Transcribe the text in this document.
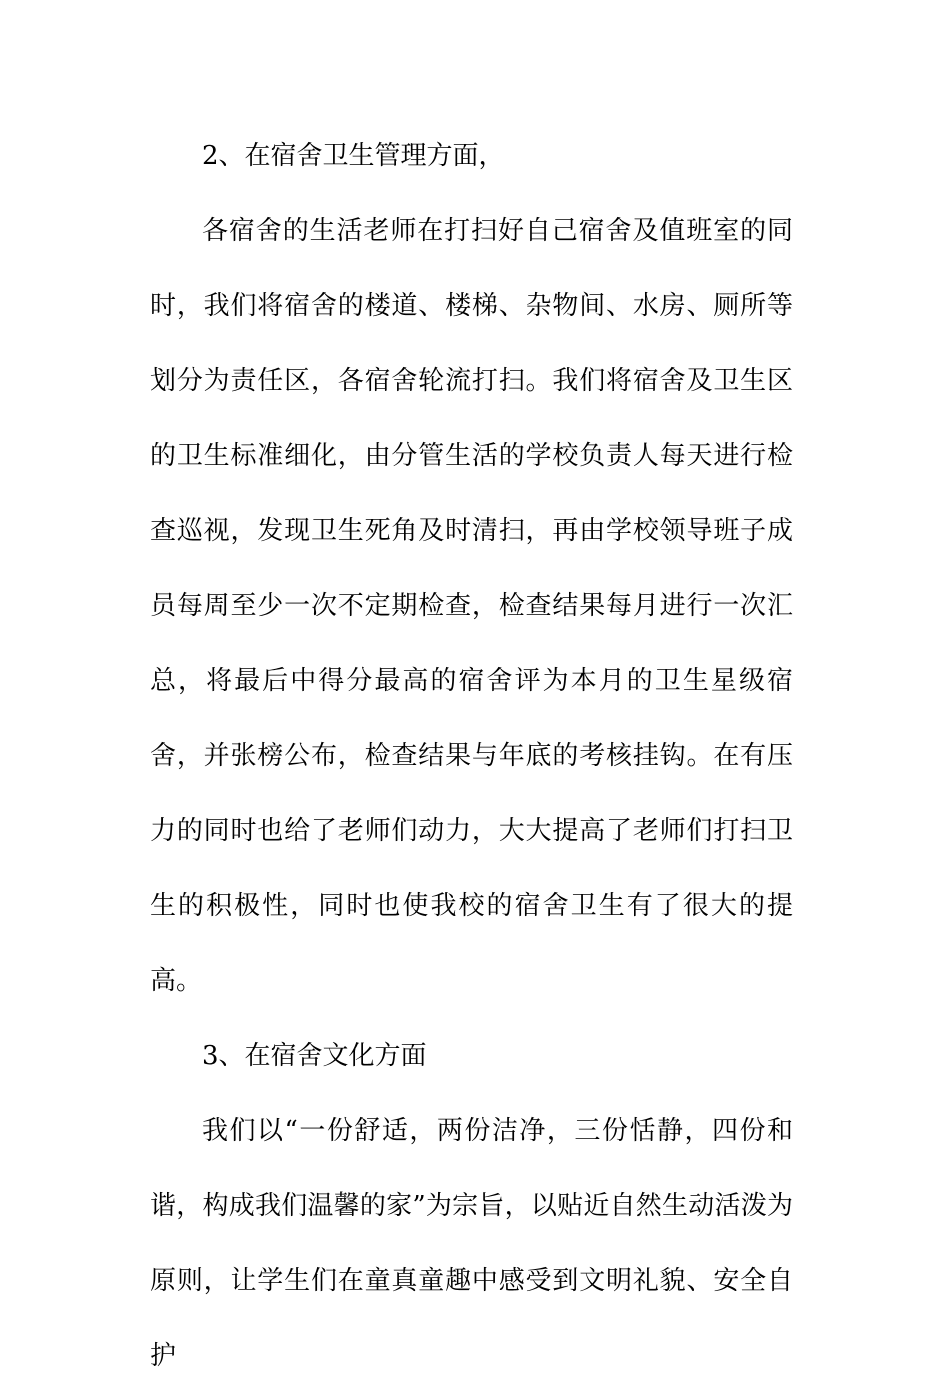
2、在宿舍卫生管理方面，

各宿舍的生活老师在打扫好自己宿舍及值班室的同时，我们将宿舍的楼道、楼梯、杂物间、水房、厕所等划分为责任区，各宿舍轮流打扫。我们将宿舍及卫生区的卫生标准细化，由分管生活的学校负责人每天进行检查巡视，发现卫生死角及时清扫，再由学校领导班子成员每周至少一次不定期检查，检查结果每月进行一次汇总，将最后中得分最高的宿舍评为本月的卫生星级宿舍，并张榜公布，检查结果与年底的考核挂钩。在有压力的同时也给了老师们动力，大大提高了老师们打扫卫生的积极性，同时也使我校的宿舍卫生有了很大的提高。

3、在宿舍文化方面

我们以“一份舒适，两份洁净，三份恬静，四份和谐，构成我们温馨的家”为宗旨，以贴近自然生动活泼为原则，让学生们在童真童趣中感受到文明礼貌、安全自护
